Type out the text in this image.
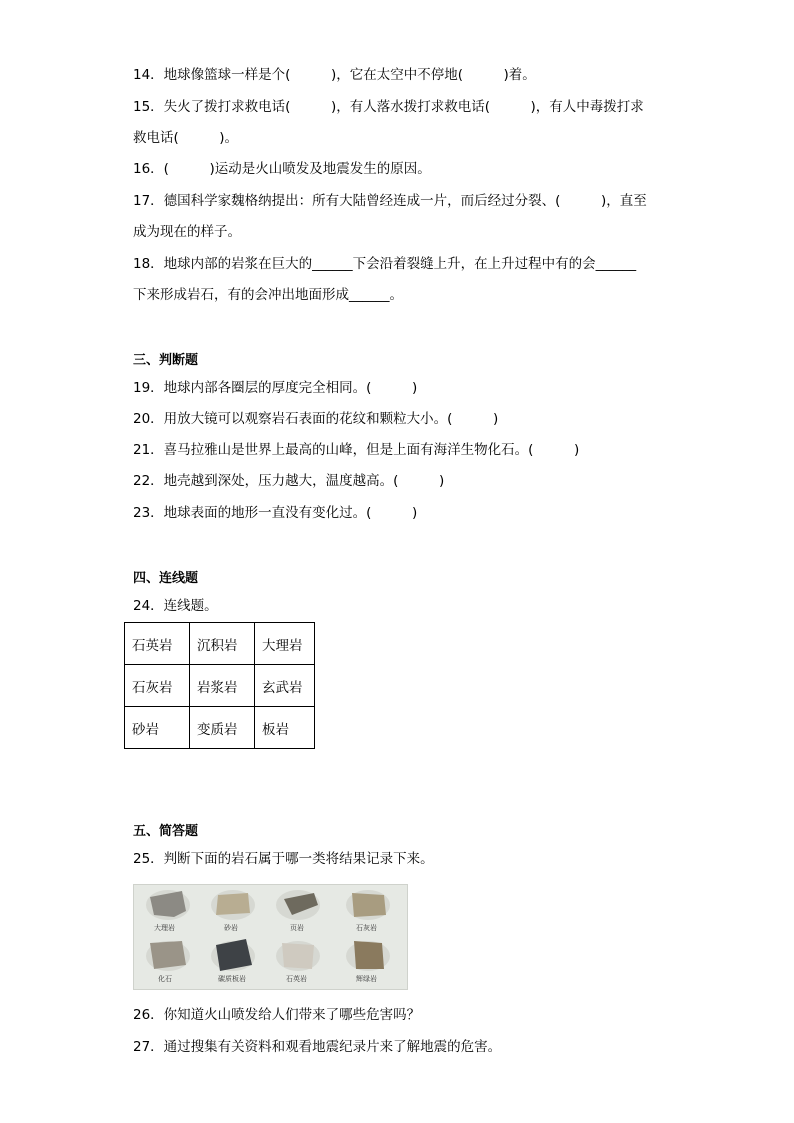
14．地球像篮球一样是个(　　　)，它在太空中不停地(　　　)着。
15．失火了拨打求救电话(　　　)，有人落水拨打求救电话(　　　)，有人中毒拨打求
救电话(　　　)。
16．(　　　)运动是火山喷发及地震发生的原因。
17．德国科学家魏格纳提出：所有大陆曾经连成一片，而后经过分裂、(　　　)，直至
成为现在的样子。
18．地球内部的岩浆在巨大的______下会沿着裂缝上升，在上升过程中有的会______
下来形成岩石，有的会冲出地面形成______。
三、判断题
19．地球内部各圈层的厚度完全相同。(　　　)
20．用放大镜可以观察岩石表面的花纹和颗粒大小。(　　　)
21．喜马拉雅山是世界上最高的山峰，但是上面有海洋生物化石。(　　　)
22．地壳越到深处，压力越大，温度越高。(　　　)
23．地球表面的地形一直没有变化过。(　　　)
四、连线题
24．连线题。
石英岩	沉积岩	大理岩
石灰岩	岩浆岩	玄武岩
砂岩	变质岩	板岩
五、简答题
25．判断下面的岩石属于哪一类将结果记录下来。
大理岩	砂岩	页岩	石灰岩
化石	碳质板岩	石英岩	辉绿岩
26．你知道火山喷发给人们带来了哪些危害吗？
27．通过搜集有关资料和观看地震纪录片来了解地震的危害。
